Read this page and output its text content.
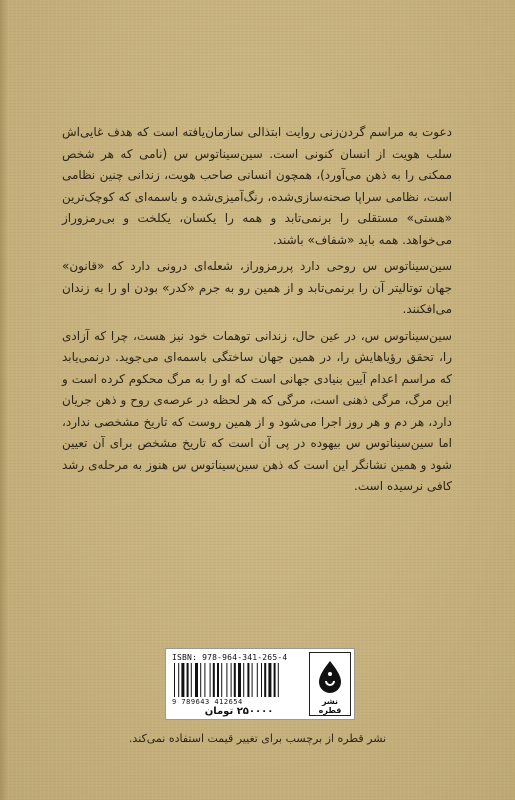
دعوت به مراسم گردن‌زنی روایت ابتذالی سازمان‌یافته است که هدف غایی‌اش سلب هویت از انسان کنونی است. سین‌سیناتوس س (نامی که هر شخص ممکنی را به ذهن می‌آورد)، همچون انسانی صاحب هویت، زندانی چنین نظامی است، نظامی سراپا صحنه‌سازی‌شده، رنگ‌آمیزی‌شده و باسمه‌ای که کوچک‌ترین «هستی» مستقلی را برنمی‌تابد و همه را یکسان، یکلخت و بی‌رمزوراز می‌خواهد. همه باید «شفاف» باشند.

سین‌سیناتوس س روحی دارد پررمزوراز، شعله‌ای درونی دارد که «قانون» جهان توتالیتر آن را برنمی‌تابد و از همین رو به جرم «کدر» بودن او را به زندان می‌افکنند.

سین‌سیناتوس س، در عین حال، زندانی توهمات خود نیز هست، چرا که آزادی را، تحقق رؤیاهایش را، در همین جهان ساختگی باسمه‌ای می‌جوید. درنمی‌یابد که مراسم اعدام آیین بنیادی جهانی است که او را به مرگ محکوم کرده است و این مرگ، مرگی ذهنی است، مرگی که هر لحظه در عرصه‌ی روح و ذهن جریان دارد، هر دم و هر روز اجرا می‌شود و از همین روست که تاریخ مشخصی ندارد، اما سین‌سیناتوس س بیهوده در پی آن است که تاریخ مشخص برای آن تعیین شود و همین نشانگر این است که ذهن سین‌سیناتوس س هنوز به مرحله‌ی رشد کافی نرسیده است.

ISBN: 978-964-341-265-4
9 789643 412654
۲۵۰۰۰۰ تومان
نشر قطره
نشر قطره از برچسب برای تغییر قیمت استفاده نمی‌کند.
